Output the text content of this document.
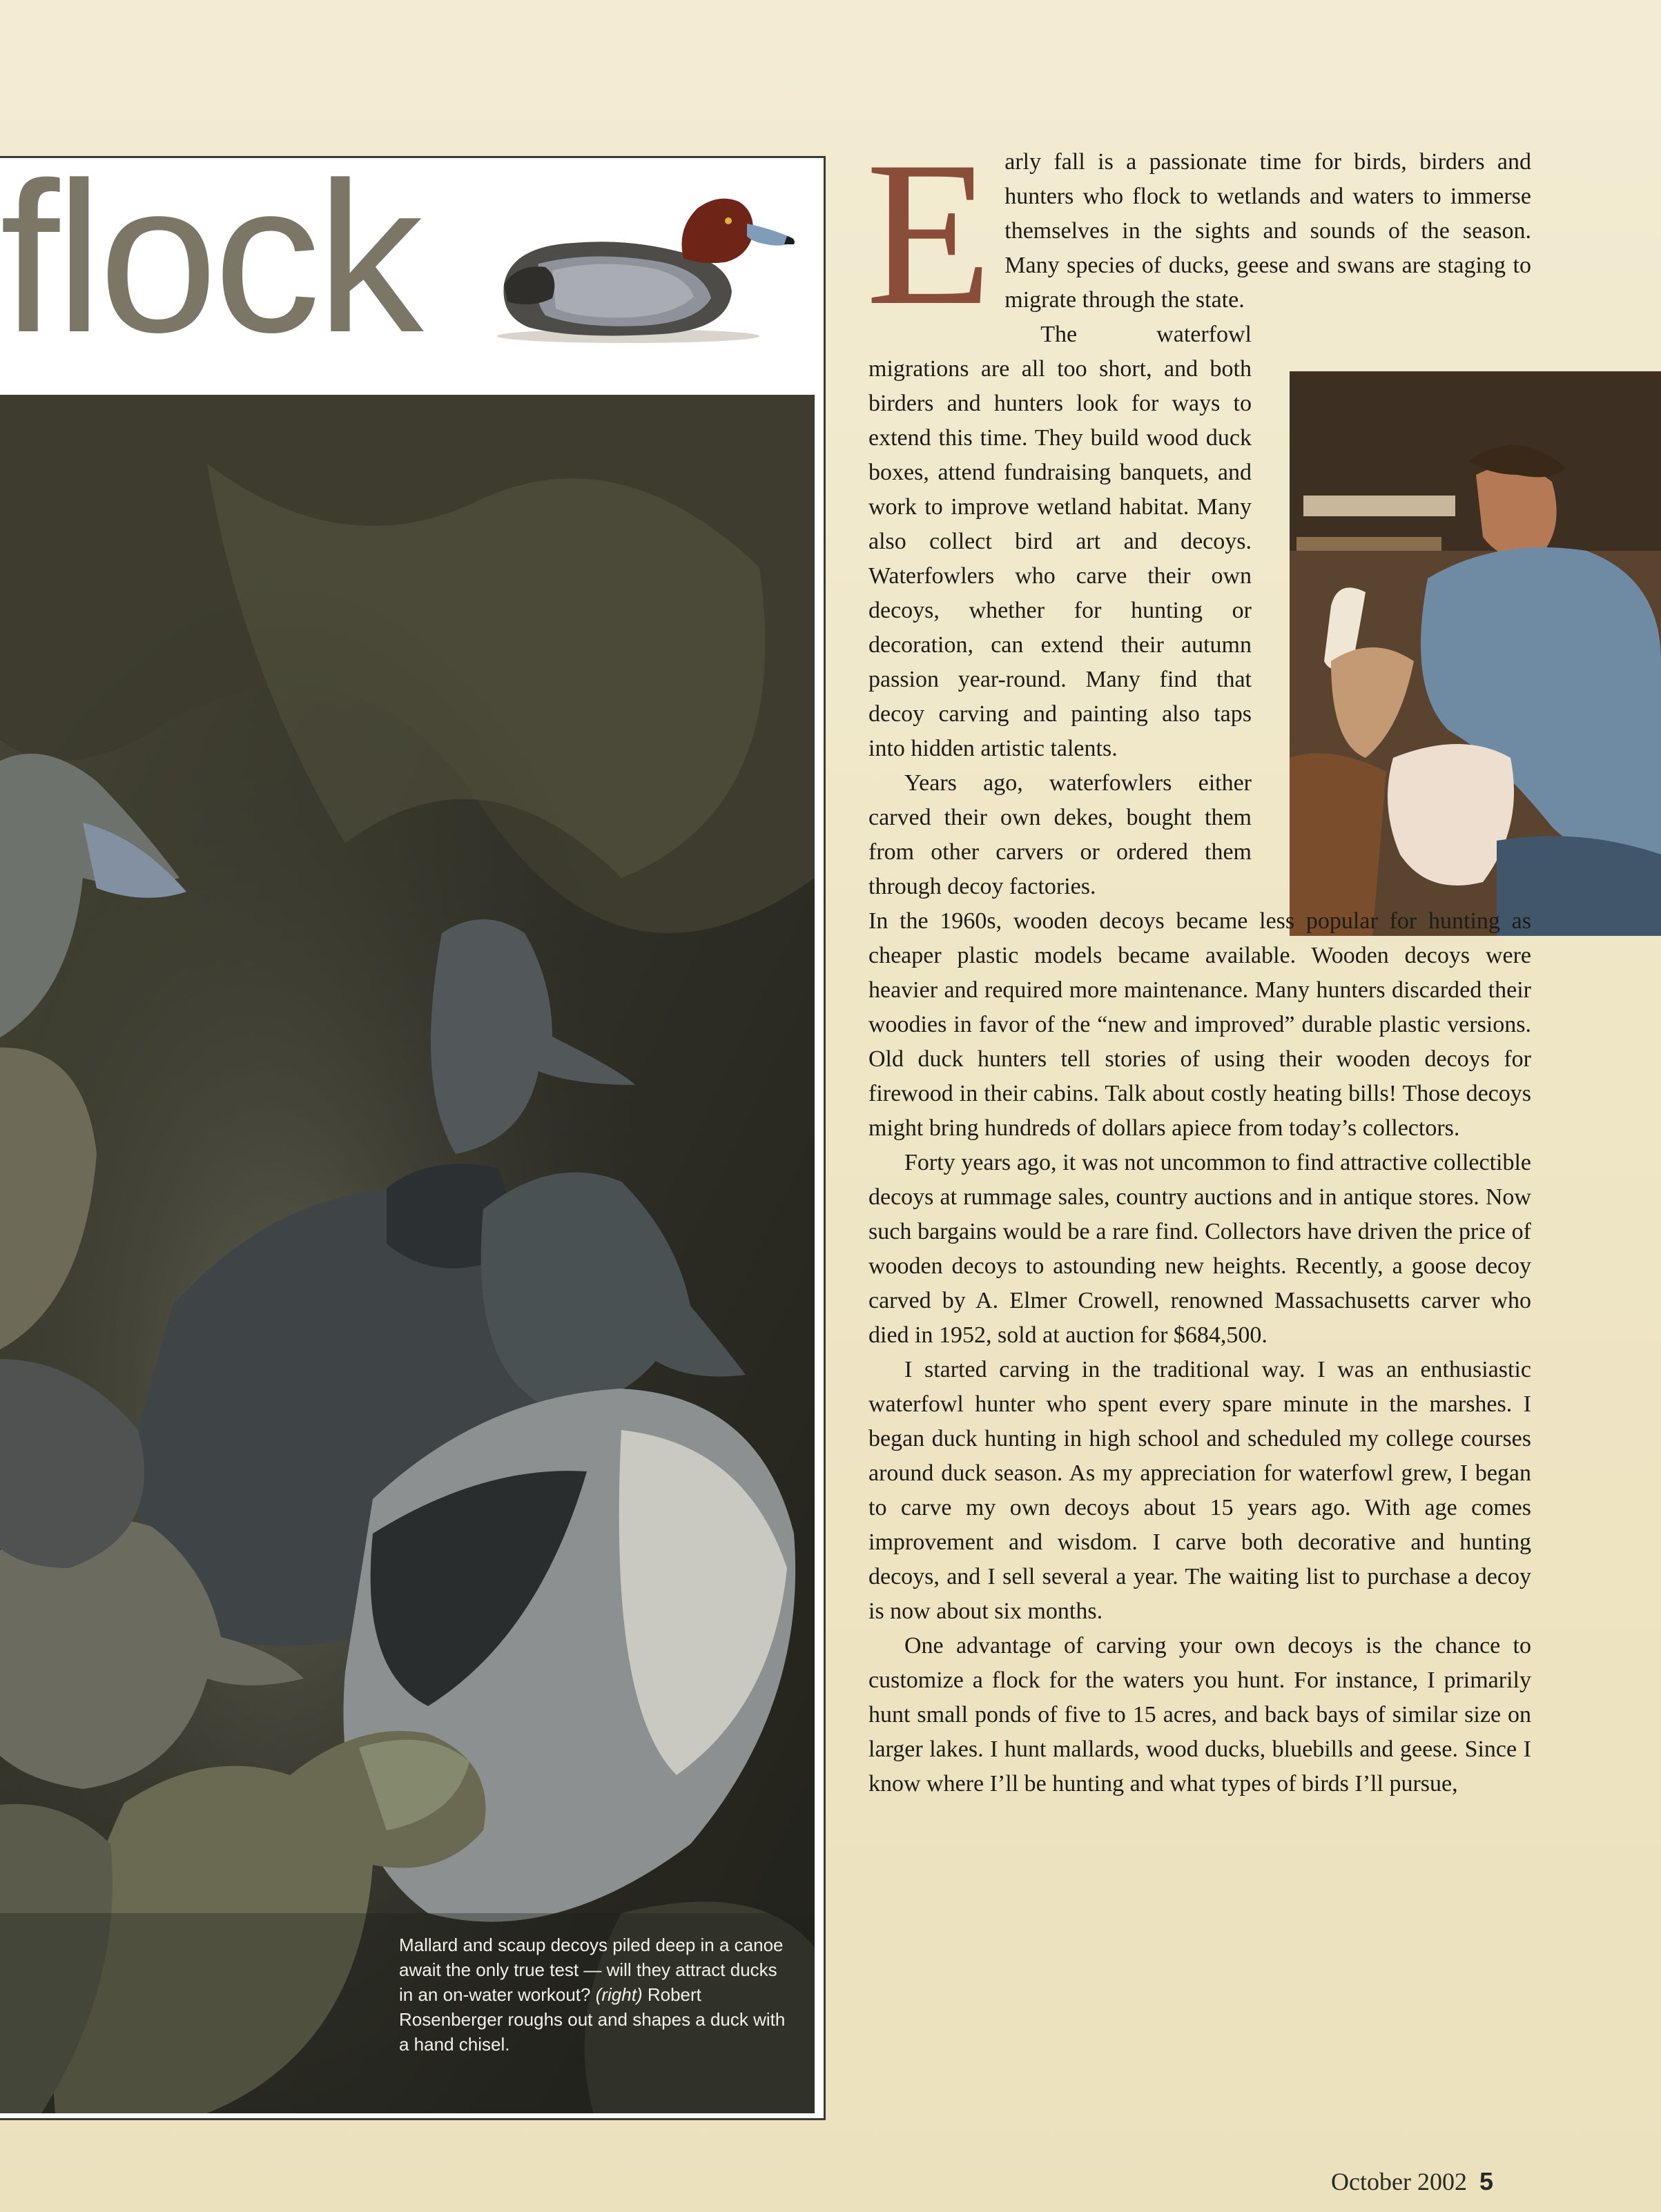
flock
Mallard and scaup decoys piled deep in a canoe await the only true test — will they attract ducks in an on-water workout? (right) Robert Rosenberger roughs out and shapes a duck with a hand chisel.

Early fall is a passionate time for birds, birders and hunters who flock to wetlands and waters to immerse themselves in the sights and sounds of the season. Many species of ducks, geese and swans are staging to migrate through the state.

The waterfowl migrations are all too short, and both birders and hunters look for ways to extend this time. They build wood duck boxes, attend fundraising banquets, and work to improve wetland habitat. Many also collect bird art and decoys. Waterfowlers who carve their own decoys, whether for hunting or decoration, can extend their autumn passion year-round. Many find that decoy carving and painting also taps into hidden artistic talents.

Years ago, waterfowlers either carved their own dekes, bought them from other carvers or ordered them through decoy factories.

In the 1960s, wooden decoys became less popular for hunting as cheaper plastic models became available. Wooden decoys were heavier and required more maintenance. Many hunters discarded their woodies in favor of the “new and improved” durable plastic versions. Old duck hunters tell stories of using their wooden decoys for firewood in their cabins. Talk about costly heating bills! Those decoys might bring hundreds of dollars apiece from today’s collectors.

Forty years ago, it was not uncommon to find attractive collectible decoys at rummage sales, country auctions and in antique stores. Now such bargains would be a rare find. Collectors have driven the price of wooden decoys to astounding new heights. Recently, a goose decoy carved by A. Elmer Crowell, renowned Massachusetts carver who died in 1952, sold at auction for $684,500.

I started carving in the traditional way. I was an enthusiastic waterfowl hunter who spent every spare minute in the marshes. I began duck hunting in high school and scheduled my college courses around duck season. As my appreciation for waterfowl grew, I began to carve my own decoys about 15 years ago. With age comes improvement and wisdom. I carve both decorative and hunting decoys, and I sell several a year. The waiting list to purchase a decoy is now about six months.

One advantage of carving your own decoys is the chance to customize a flock for the waters you hunt. For instance, I primarily hunt small ponds of five to 15 acres, and back bays of similar size on larger lakes. I hunt mallards, wood ducks, bluebills and geese. Since I know where I’ll be hunting and what types of birds I’ll pursue,

October 2002 5
